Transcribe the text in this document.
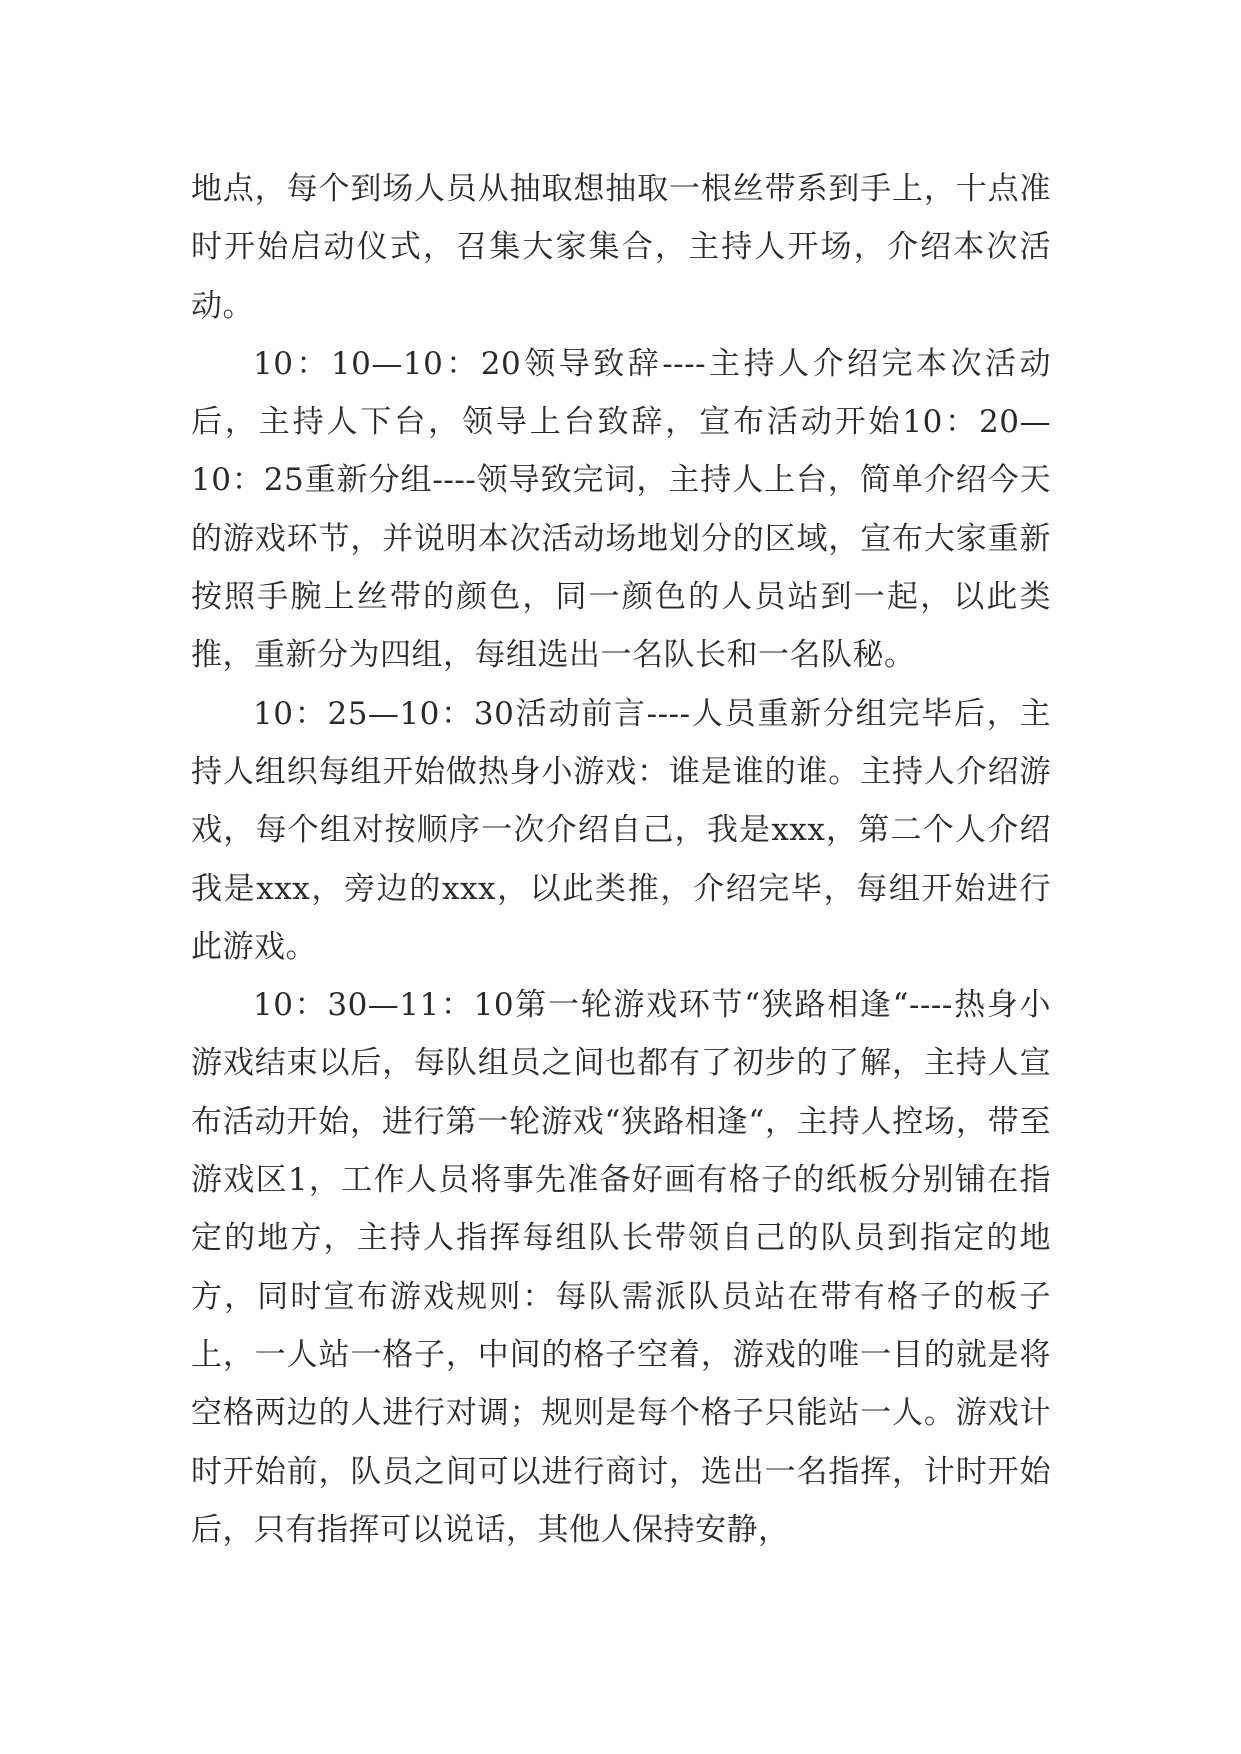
地点，每个到场人员从抽取想抽取一根丝带系到手上，十点准时开始启动仪式，召集大家集合，主持人开场，介绍本次活动。

10：10—10：20领导致辞----主持人介绍完本次活动后，主持人下台，领导上台致辞，宣布活动开始10：20—10：25重新分组----领导致完词，主持人上台，简单介绍今天的游戏环节，并说明本次活动场地划分的区域，宣布大家重新按照手腕上丝带的颜色，同一颜色的人员站到一起，以此类推，重新分为四组，每组选出一名队长和一名队秘。

10：25—10：30活动前言----人员重新分组完毕后，主持人组织每组开始做热身小游戏：谁是谁的谁。主持人介绍游戏，每个组对按顺序一次介绍自己，我是xxx，第二个人介绍我是xxx，旁边的xxx，以此类推，介绍完毕，每组开始进行此游戏。

10：30—11：10第一轮游戏环节“狭路相逢“----热身小游戏结束以后，每队组员之间也都有了初步的了解，主持人宣布活动开始，进行第一轮游戏“狭路相逢“，主持人控场，带至游戏区1，工作人员将事先准备好画有格子的纸板分别铺在指定的地方，主持人指挥每组队长带领自己的队员到指定的地方，同时宣布游戏规则：每队需派队员站在带有格子的板子上，一人站一格子，中间的格子空着，游戏的唯一目的就是将空格两边的人进行对调；规则是每个格子只能站一人。游戏计时开始前，队员之间可以进行商讨，选出一名指挥，计时开始后，只有指挥可以说话，其他人保持安静，
